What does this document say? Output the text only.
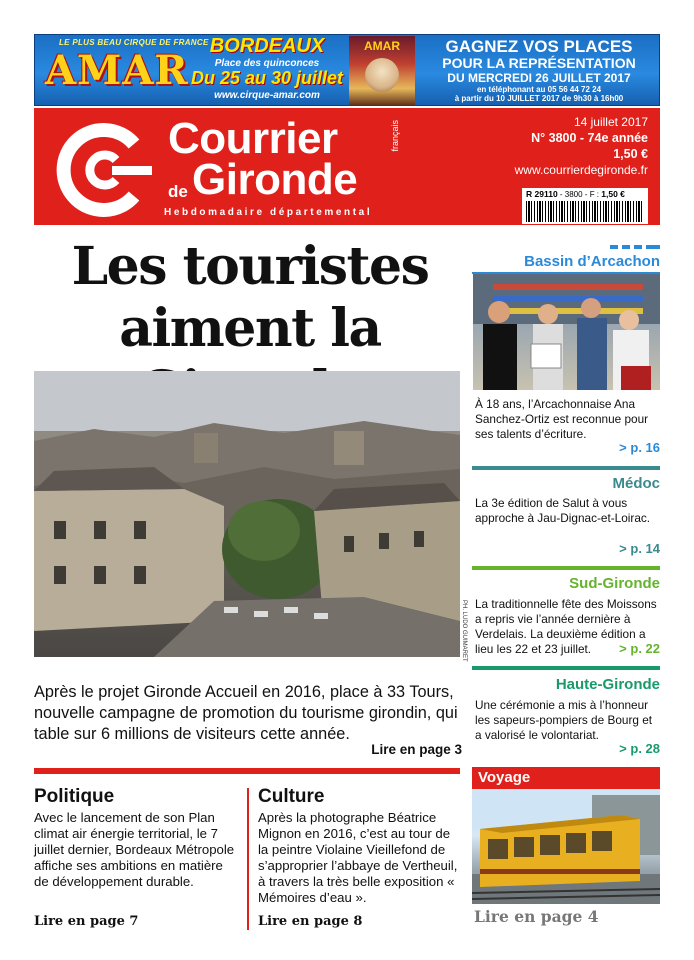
LE PLUS BEAU CIRQUE DE FRANCE
AMAR
BORDEAUX
Place des quinconces
Du 25 au 30 juillet
www.cirque-amar.com
AMAR	GAGNEZ VOS PLACES
POUR LA REPRÉSENTATION
DU MERCREDI 26 JUILLET 2017
en téléphonant au 05 56 44 72 24
à partir du 10 JUILLET 2017 de 9h30 à 16h00
Courrier	français
de Gironde
Hebdomadaire départemental
14 juillet 2017
N° 3800 - 74e année
1,50 €
www.courrierdegironde.fr
R 29110 - 3800 - F : 1,50 €
Les touristes
aiment la
PH. LUDO GUIMARET
Après le projet Gironde Accueil en 2016, place à 33 Tours, nouvelle campagne de promotion du tourisme girondin, qui table sur 6 millions de visiteurs cette année.
Lire en page 3
Politique
Avec le lancement de son Plan climat air énergie territorial, le 7 juillet dernier, Bordeaux Métropole affiche ses ambitions en matière de développement durable.
Lire en page 7
Culture
Après la photographe Béatrice Mignon en 2016, c’est au tour de la peintre Violaine Vieillefond de s’approprier l’abbaye de Vertheuil, à travers la très belle exposition « Mémoires d’eau ».
Lire en page 8
Bassin d’Arcachon
À 18 ans, l’Arcachonnaise Ana Sanchez-Ortiz est reconnue pour ses talents d’écriture.
> p. 16
Médoc
La 3e édition de Salut à vous approche à Jau-Dignac-et-Loirac.
> p. 14
Sud-Gironde
La traditionnelle fête des Moissons a repris vie l’année dernière à Verdelais. La deuxième édition a lieu les 22 et 23 juillet.	> p. 22
Haute-Gironde
Une cérémonie a mis à l’honneur les sapeurs-pompiers de Bourg et a valorisé le volontariat.
> p. 28
Voyage
Lire en page 4
